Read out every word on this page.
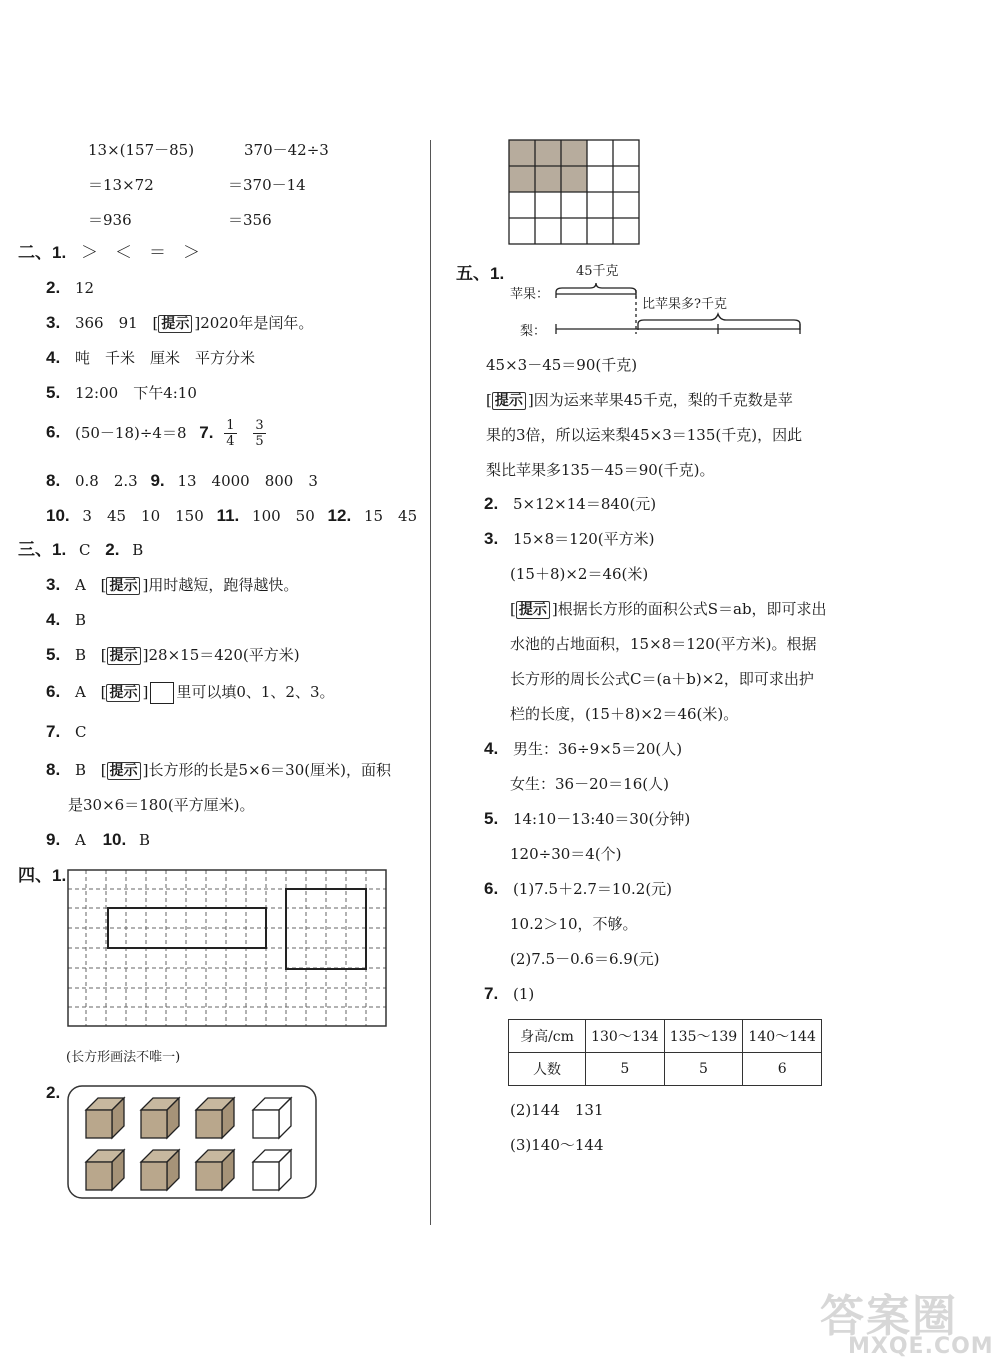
13×(157－85)
＝13×72
＝936
370－42÷3
＝370－14
＝356
二、1. ＞　＜　＝　＞
2. 12
3. 366　91 [ 提示 ]2020年是闰年。
4. 吨　千米　厘米　平方分米
5. 12:00　下午4:10
6. (50－18)÷4＝8 7. $\frac{1}{4}$
$\frac{3}{5}$
8. 0.8　2.3 9. 13　4000　800　3
10. 3　45　10　150 11. 100　50 12. 15　45
三、1. C 2. B
3. A [ 提示 ]用时越短，跑得越快。
4. B
5. B [ 提示 ]28×15＝420(平方米)
6. A [ 提示 ] 里可以填0、1、2、3。
7. C
8. B [ 提示 ]长方形的长是5×6＝30(厘米)，面积
是30×6＝180(平方厘米)。
9. A 10. B
四、1.
(长方形画法不唯一)
2.
五、1.
苹果：
梨：
45千克
比苹果多?千克
45×3－45＝90(千克)
[ 提示 ]因为运来苹果45千克，梨的千克数是苹
果的3倍，所以运来梨45×3＝135(千克)，因此
梨比苹果多135－45＝90(千克)。
2. 5×12×14＝840(元)
3. 15×8＝120(平方米)
(15＋8)×2＝46(米)
[ 提示 ]根据长方形的面积公式S＝ab，即可求出
水池的占地面积，15×8＝120(平方米)。根据
长方形的周长公式C＝(a＋b)×2，即可求出护
栏的长度，(15＋8)×2＝46(米)。
4. 男生：36÷9×5＝20(人)
女生：36－20＝16(人)
5. 14:10－13:40＝30(分钟)
120÷30＝4(个)
6. (1)7.5＋2.7＝10.2(元)
10.2＞10，不够。
(2)7.5－0.6＝6.9(元)
7. (1)
身高/cm	130～134	135～139	140～144
人数	5	5	6
(2)144　131
(3)140～144
答案圈
MXQE.COM
